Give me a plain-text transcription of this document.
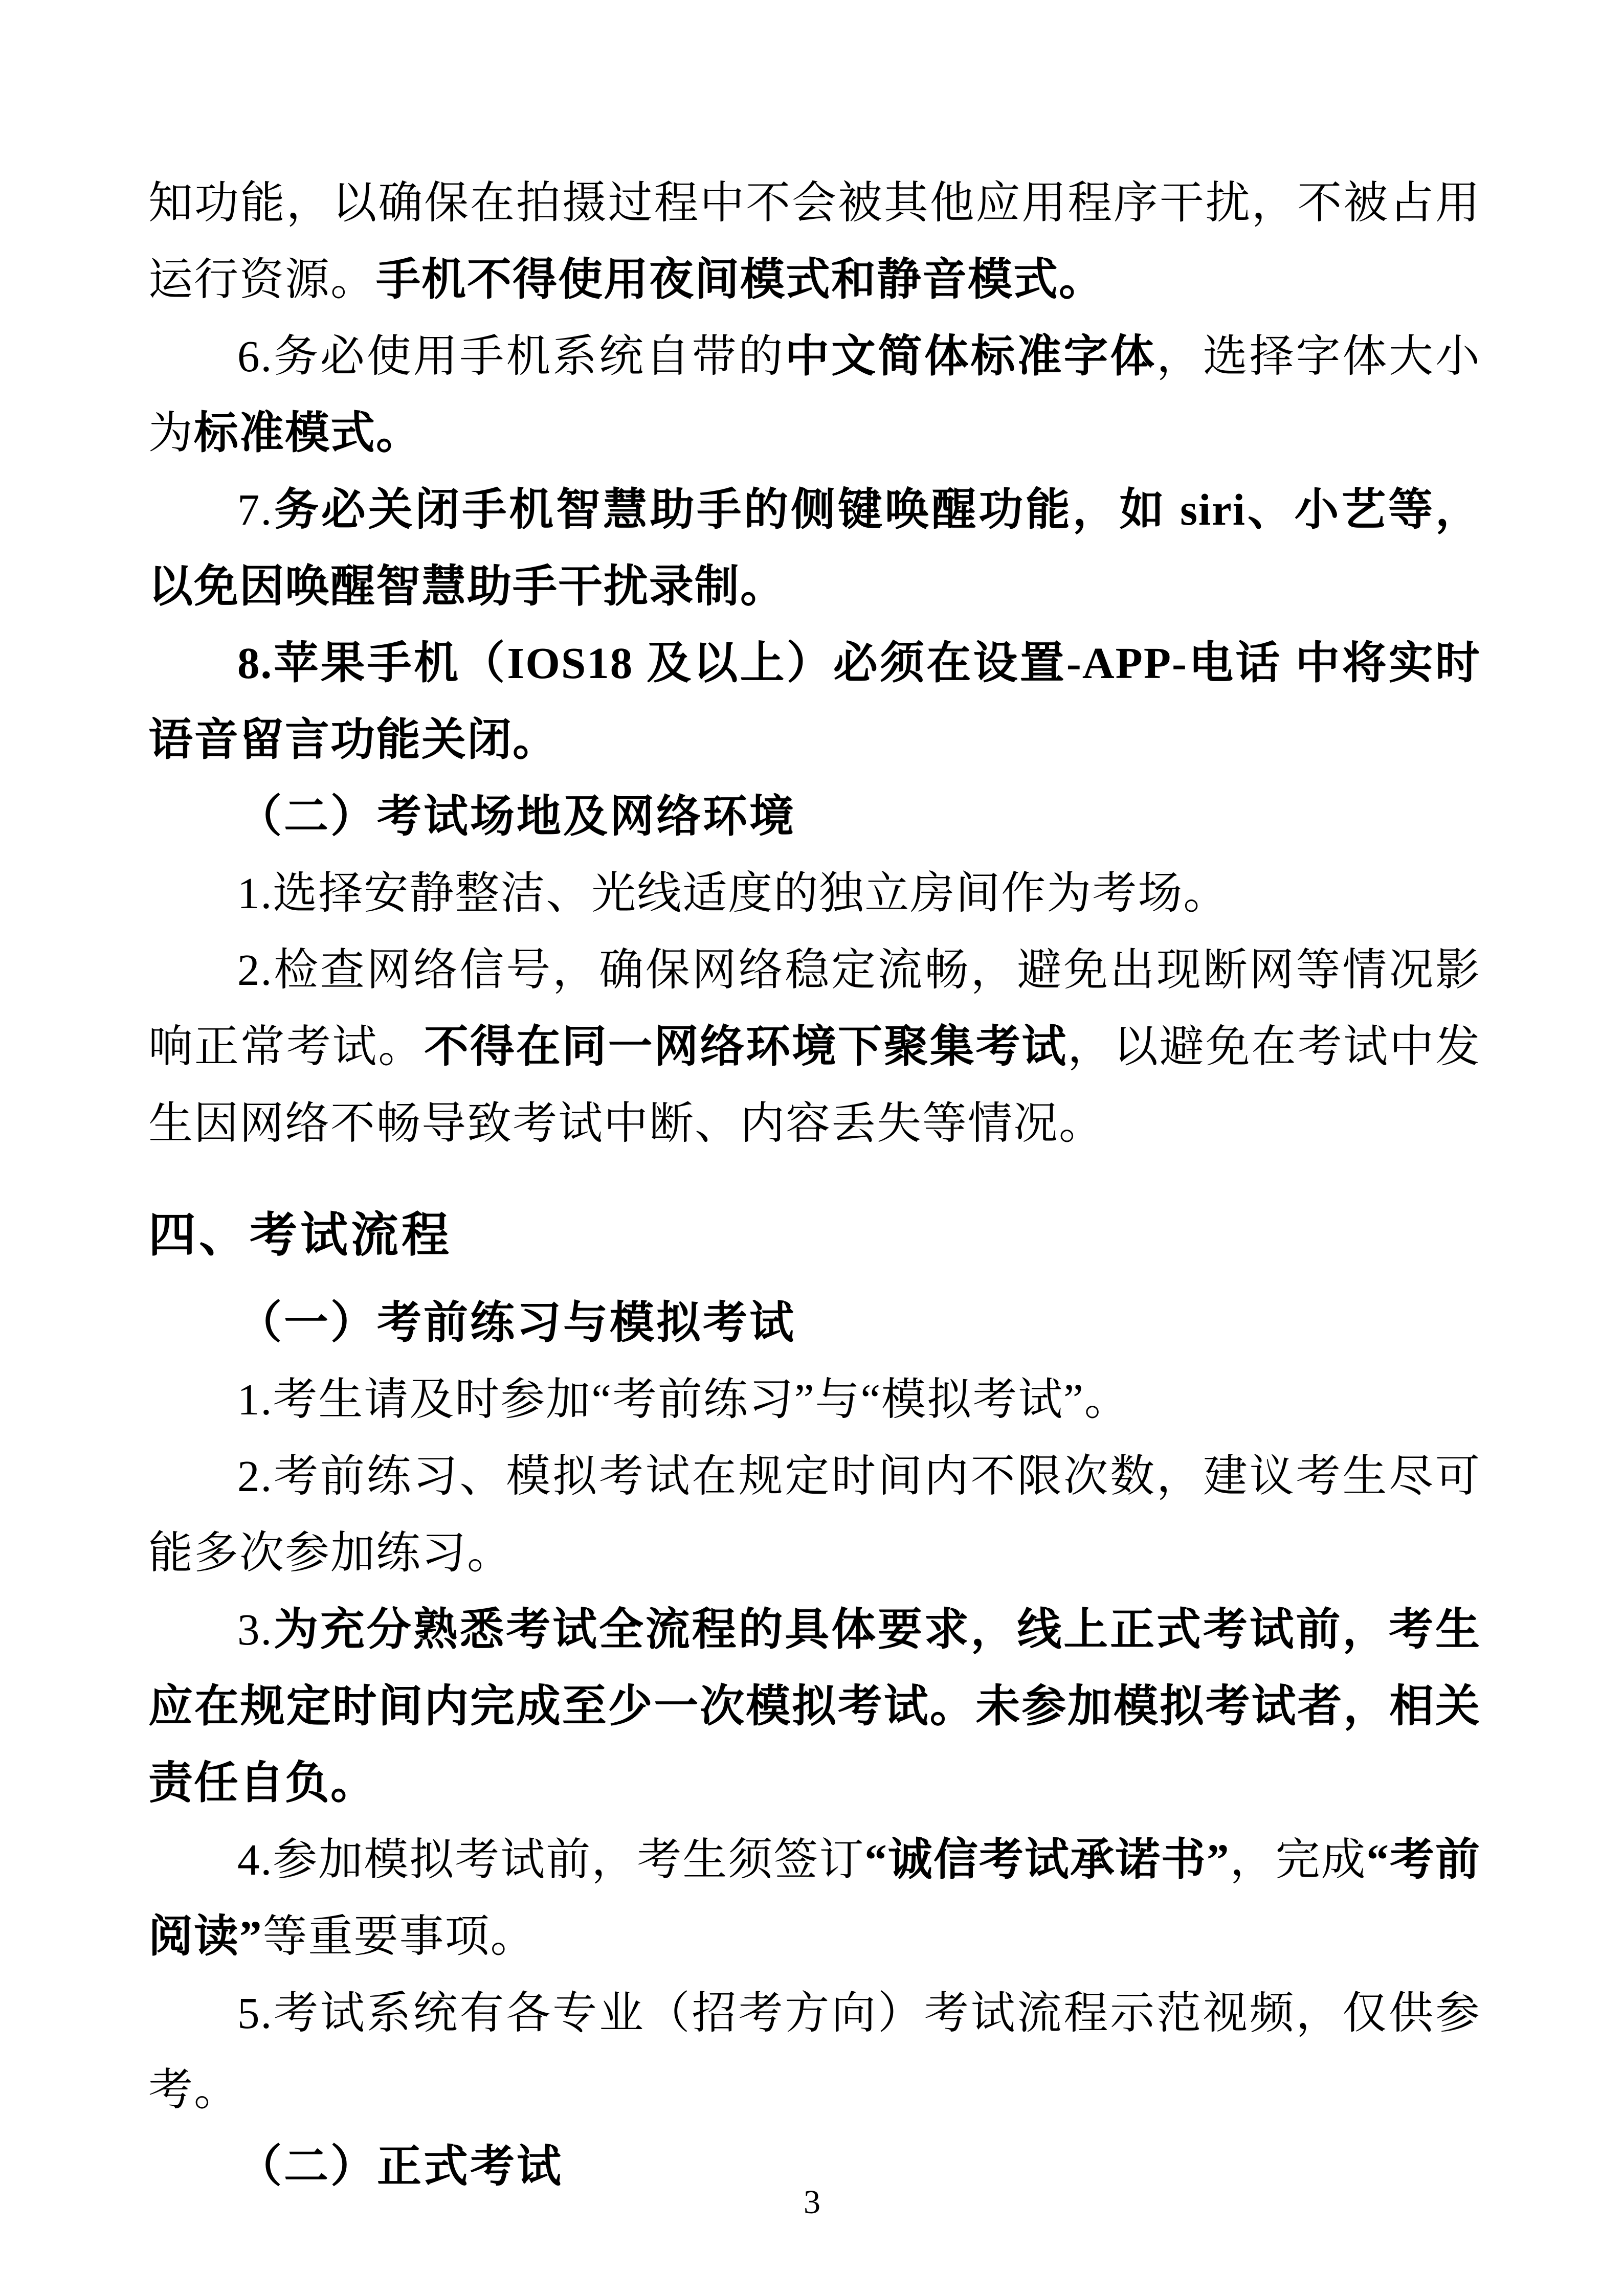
知功能，以确保在拍摄过程中不会被其他应用程序干扰，不被占用运行资源。手机不得使用夜间模式和静音模式。

6.务必使用手机系统自带的中文简体标准字体，选择字体大小为标准模式。

7.务必关闭手机智慧助手的侧键唤醒功能，如 siri、小艺等，以免因唤醒智慧助手干扰录制。

8.苹果手机（IOS18 及以上）必须在设置-APP-电话 中将实时语音留言功能关闭。

（二）考试场地及网络环境

1.选择安静整洁、光线适度的独立房间作为考场。

2.检查网络信号，确保网络稳定流畅，避免出现断网等情况影响正常考试。不得在同一网络环境下聚集考试，以避免在考试中发生因网络不畅导致考试中断、内容丢失等情况。

四、考试流程

（一）考前练习与模拟考试

1.考生请及时参加“考前练习”与“模拟考试”。

2.考前练习、模拟考试在规定时间内不限次数，建议考生尽可能多次参加练习。

3.为充分熟悉考试全流程的具体要求，线上正式考试前，考生应在规定时间内完成至少一次模拟考试。未参加模拟考试者，相关责任自负。

4.参加模拟考试前，考生须签订“诚信考试承诺书”，完成“考前阅读”等重要事项。

5.考试系统有各专业（招考方向）考试流程示范视频，仅供参考。

（二）正式考试

3
